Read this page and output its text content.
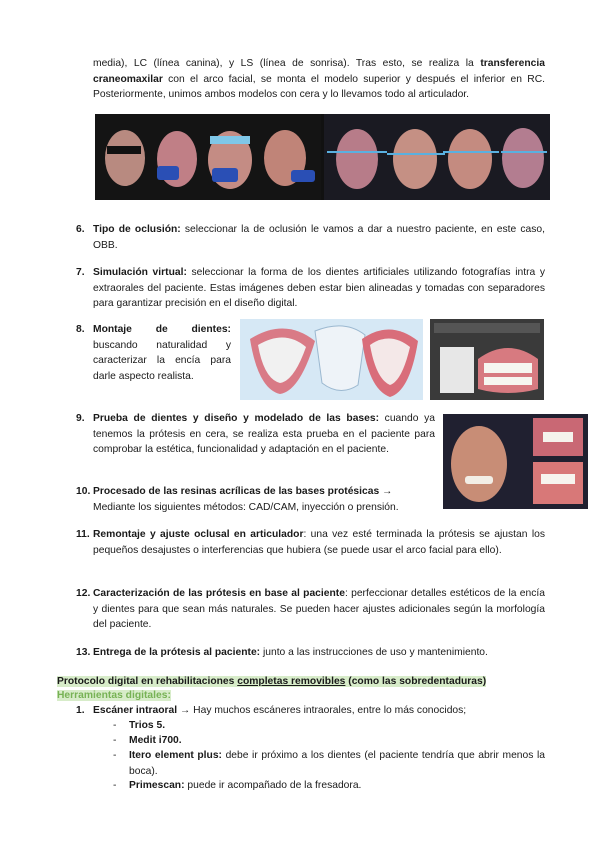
media), LC (línea canina), y LS (línea de sonrisa). Tras esto, se realiza la transferencia craneomaxilar con el arco facial, se monta el modelo superior y después el inferior en RC. Posteriormente, unimos ambos modelos con cera y lo llevamos todo al articulador.
6. Tipo de oclusión: seleccionar la de oclusión le vamos a dar a nuestro paciente, en este caso, OBB.
7. Simulación virtual: seleccionar la forma de los dientes artificiales utilizando fotografías intra y extraorales del paciente. Estas imágenes deben estar bien alineadas y tomadas con separadores para garantizar precisión en el diseño digital.
8. Montaje de dientes: buscando naturalidad y caracterizar la encía para darle aspecto realista.
9. Prueba de dientes y diseño y modelado de las bases: cuando ya tenemos la prótesis en cera, se realiza esta prueba en el paciente para comprobar la estética, funcionalidad y adaptación en el paciente.
10. Procesado de las resinas acrílicas de las bases protésicas →
Mediante los siguientes métodos: CAD/CAM, inyección o prensión.
11. Remontaje y ajuste oclusal en articulador: una vez esté terminada la prótesis se ajustan los pequeños desajustes o interferencias que hubiera (se puede usar el arco facial para ello).
12. Caracterización de las prótesis en base al paciente: perfeccionar detalles estéticos de la encía y dientes para que sean más naturales. Se pueden hacer ajustes adicionales según la morfología del paciente.
13. Entrega de la prótesis al paciente: junto a las instrucciones de uso y mantenimiento.
Protocolo digital en rehabilitaciones completas removibles (como las sobredentaduras)
Herramientas digitales:
1. Escáner intraoral → Hay muchos escáneres intraorales, entre lo más conocidos;
- Trios 5.
- Medit i700.
- Itero element plus: debe ir próximo a los dientes (el paciente tendría que abrir menos la boca).
- Primescan: puede ir acompañado de la fresadora.
